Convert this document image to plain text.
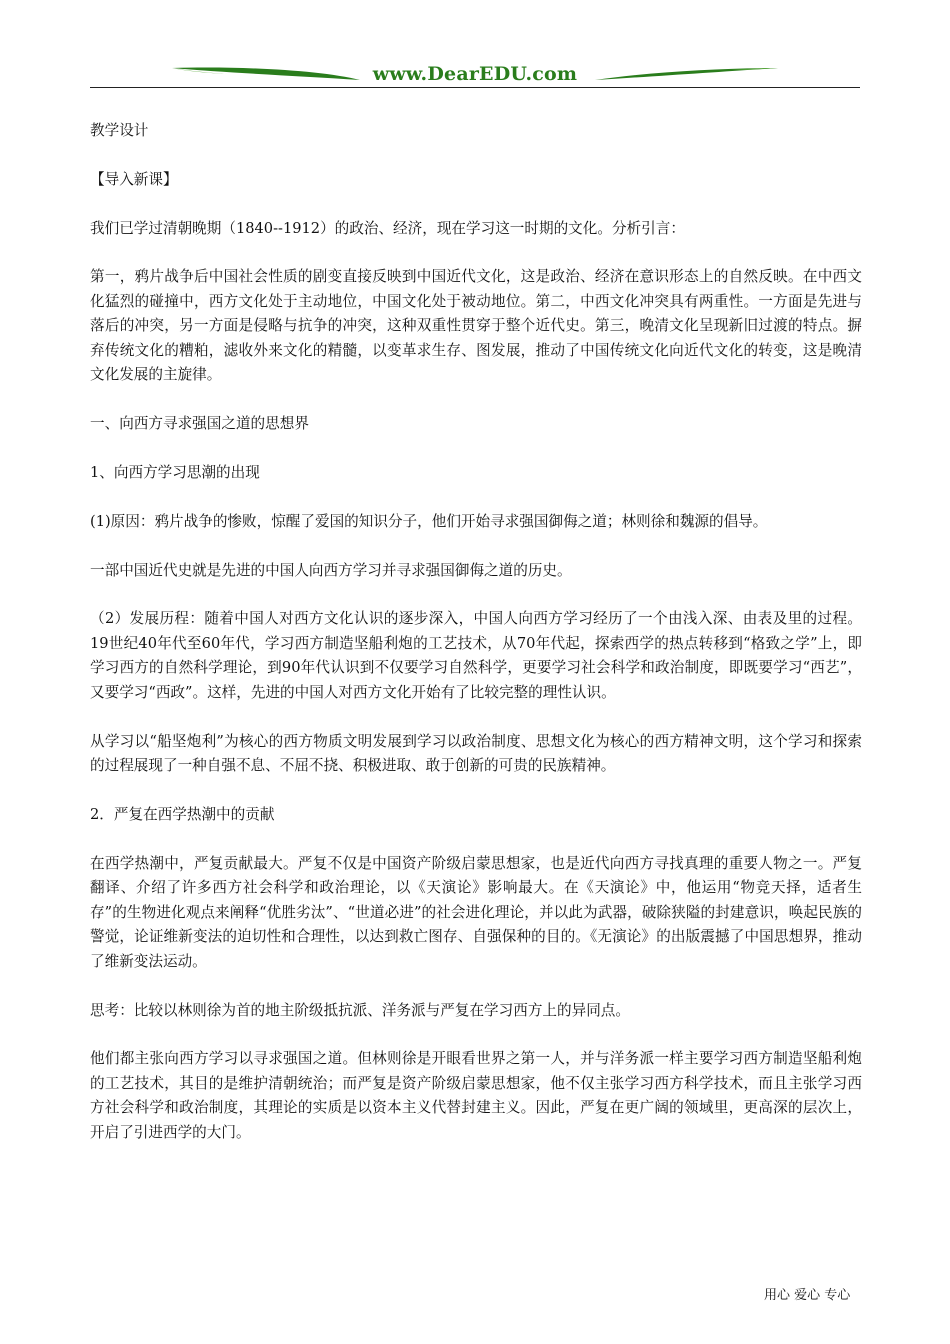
www.DearEDU.com

教学设计

【导入新课】

我们已学过清朝晚期（1840--1912）的政治、经济，现在学习这一时期的文化。分析引言：

第一，鸦片战争后中国社会性质的剧变直接反映到中国近代文化，这是政治、经济在意识形态上的自然反映。在中西文化猛烈的碰撞中，西方文化处于主动地位，中国文化处于被动地位。第二，中西文化冲突具有两重性。一方面是先进与落后的冲突，另一方面是侵略与抗争的冲突，这种双重性贯穿于整个近代史。第三，晚清文化呈现新旧过渡的特点。摒弃传统文化的糟粕，滤收外来文化的精髓，以变革求生存、图发展，推动了中国传统文化向近代文化的转变，这是晚清文化发展的主旋律。

一、向西方寻求强国之道的思想界

1、向西方学习思潮的出现

(1)原因：鸦片战争的惨败，惊醒了爱国的知识分子，他们开始寻求强国御侮之道；林则徐和魏源的倡导。

一部中国近代史就是先进的中国人向西方学习并寻求强国御侮之道的历史。

（2）发展历程：随着中国人对西方文化认识的逐步深入，中国人向西方学习经历了一个由浅入深、由表及里的过程。19世纪40年代至60年代，学习西方制造坚船利炮的工艺技术，从70年代起，探索西学的热点转移到“格致之学”上，即学习西方的自然科学理论，到90年代认识到不仅要学习自然科学，更要学习社会科学和政治制度，即既要学习“西艺”，又要学习“西政”。这样，先进的中国人对西方文化开始有了比较完整的理性认识。

从学习以“船坚炮利”为核心的西方物质文明发展到学习以政治制度、思想文化为核心的西方精神文明，这个学习和探索的过程展现了一种自强不息、不屈不挠、积极进取、敢于创新的可贵的民族精神。

2．严复在西学热潮中的贡献

在西学热潮中，严复贡献最大。严复不仅是中国资产阶级启蒙思想家，也是近代向西方寻找真理的重要人物之一。严复翻译、介绍了许多西方社会科学和政治理论，以《天演论》影响最大。在《天演论》中，他运用“物竞天择，适者生存”的生物进化观点来阐释“优胜劣汰”、“世道必进”的社会进化理论，并以此为武器，破除狭隘的封建意识，唤起民族的警觉，论证维新变法的迫切性和合理性，以达到救亡图存、自强保种的目的。《无演论》的出版震撼了中国思想界，推动了维新变法运动。

思考：比较以林则徐为首的地主阶级抵抗派、洋务派与严复在学习西方上的异同点。

他们都主张向西方学习以寻求强国之道。但林则徐是开眼看世界之第一人，并与洋务派一样主要学习西方制造坚船利炮的工艺技术，其目的是维护清朝统治；而严复是资产阶级启蒙思想家，他不仅主张学习西方科学技术，而且主张学习西方社会科学和政治制度，其理论的实质是以资本主义代替封建主义。因此，严复在更广阔的领域里，更高深的层次上，开启了引进西学的大门。

用心 爱心 专心
